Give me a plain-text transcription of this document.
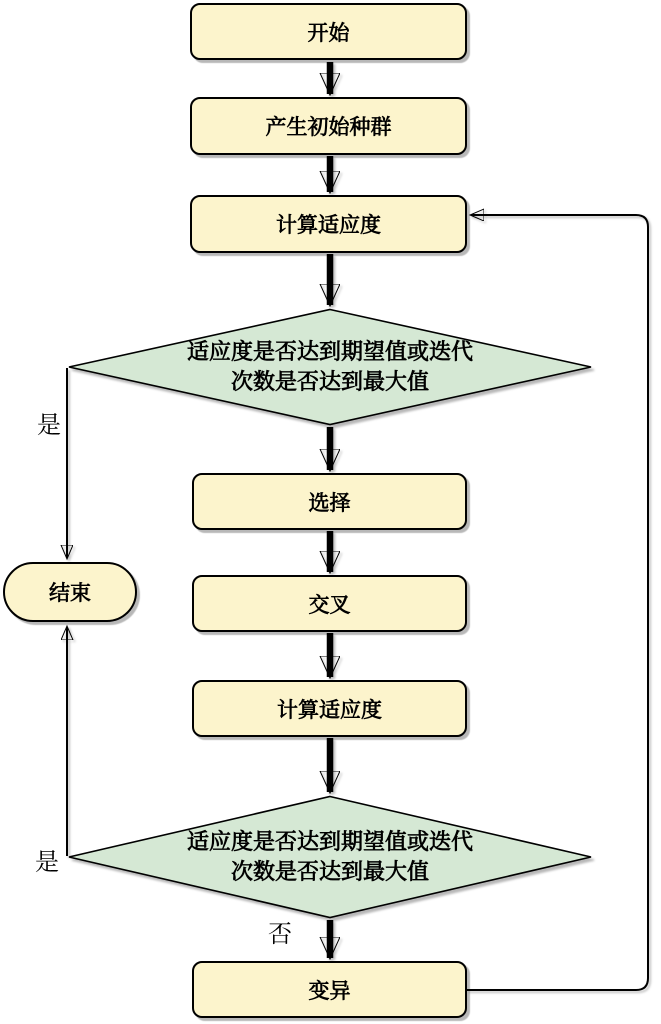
开始
产生初始种群
计算适应度
适应度是否达到期望值或迭代
次数是否达到最大值
选择
结束	交叉
计算适应度
适应度是否达到期望值或迭代
次数是否达到最大值
变异
是
是
否
